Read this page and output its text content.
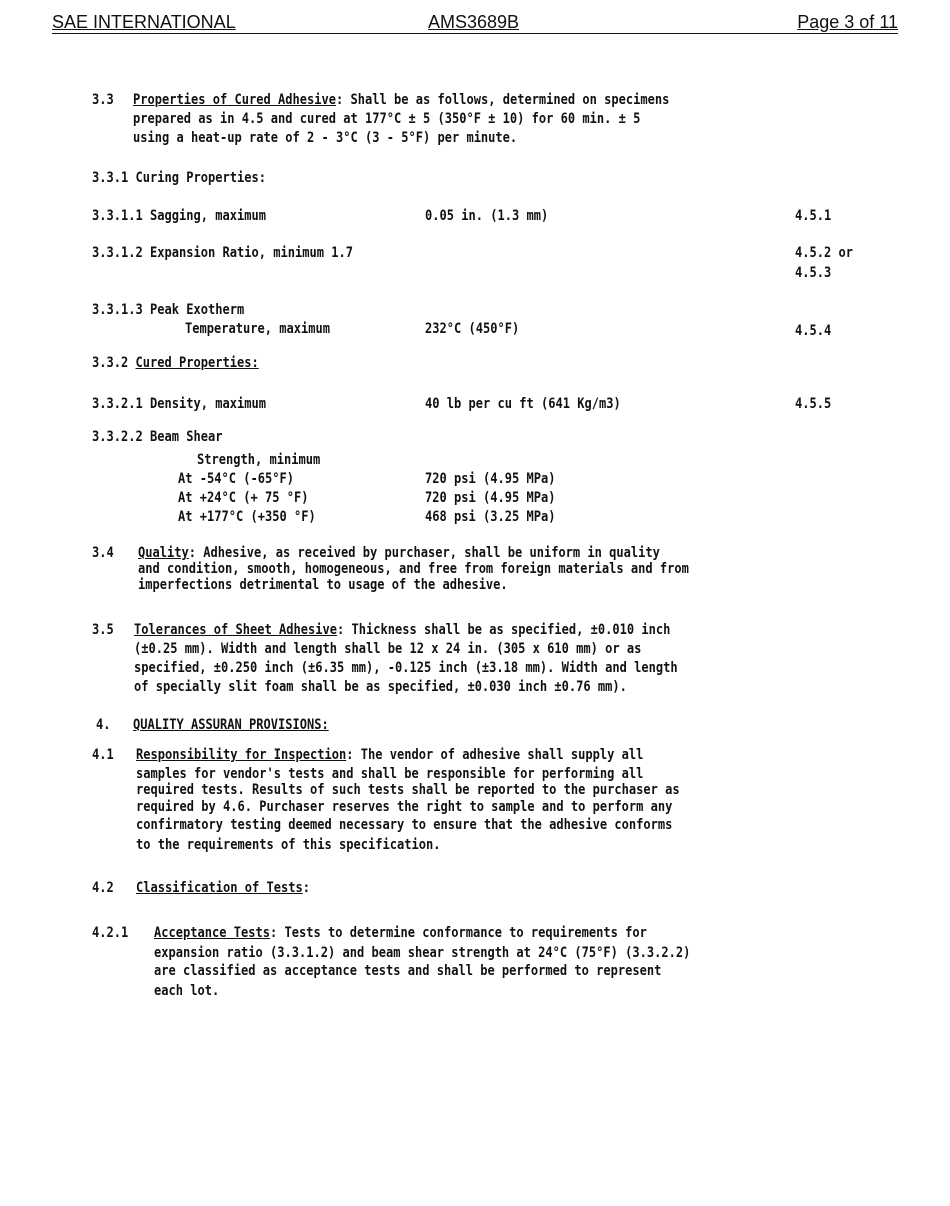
SAE INTERNATIONAL	AMS3689B	Page 3 of 11
3.3 Properties of Cured Adhesive: Shall be as follows, determined on specimens
prepared as in 4.5 and cured at 177°C ± 5 (350°F ± 10) for 60 min. ± 5
using a heat-up rate of 2 - 3°C (3 - 5°F) per minute.
3.3.1 Curing Properties:
3.3.1.1 Sagging, maximum	0.05 in. (1.3 mm)	4.5.1
3.3.1.2 Expansion Ratio, minimum 1.7	4.5.2 or
4.5.3
3.3.1.3 Peak Exotherm
Temperature, maximum	232°C (450°F)	4.5.4
3.3.2 Cured Properties:
3.3.2.1 Density, maximum	40 lb per cu ft (641 Kg/m3)	4.5.5
3.3.2.2 Beam Shear
Strength, minimum
At -54°C (-65°F)	720 psi (4.95 MPa)
At +24°C (+ 75 °F)	720 psi (4.95 MPa)
At +177°C (+350 °F)	468 psi (3.25 MPa)
3.4 Quality: Adhesive, as received by purchaser, shall be uniform in quality
and condition, smooth, homogeneous, and free from foreign materials and from
imperfections detrimental to usage of the adhesive.
3.5 Tolerances of Sheet Adhesive: Thickness shall be as specified, ±0.010 inch
(±0.25 mm). Width and length shall be 12 x 24 in. (305 x 610 mm) or as
specified, ±0.250 inch (±6.35 mm), -0.125 inch (±3.18 mm). Width and length
of specially slit foam shall be as specified, ±0.030 inch ±0.76 mm).
4. QUALITY ASSURAN PROVISIONS:
4.1 Responsibility for Inspection: The vendor of adhesive shall supply all
samples for vendor's tests and shall be responsible for performing all
required tests. Results of such tests shall be reported to the purchaser as
required by 4.6. Purchaser reserves the right to sample and to perform any
confirmatory testing deemed necessary to ensure that the adhesive conforms
to the requirements of this specification.
4.2 Classification of Tests:
4.2.1 Acceptance Tests: Tests to determine conformance to requirements for
expansion ratio (3.3.1.2) and beam shear strength at 24°C (75°F) (3.3.2.2)
are classified as acceptance tests and shall be performed to represent
each lot.
